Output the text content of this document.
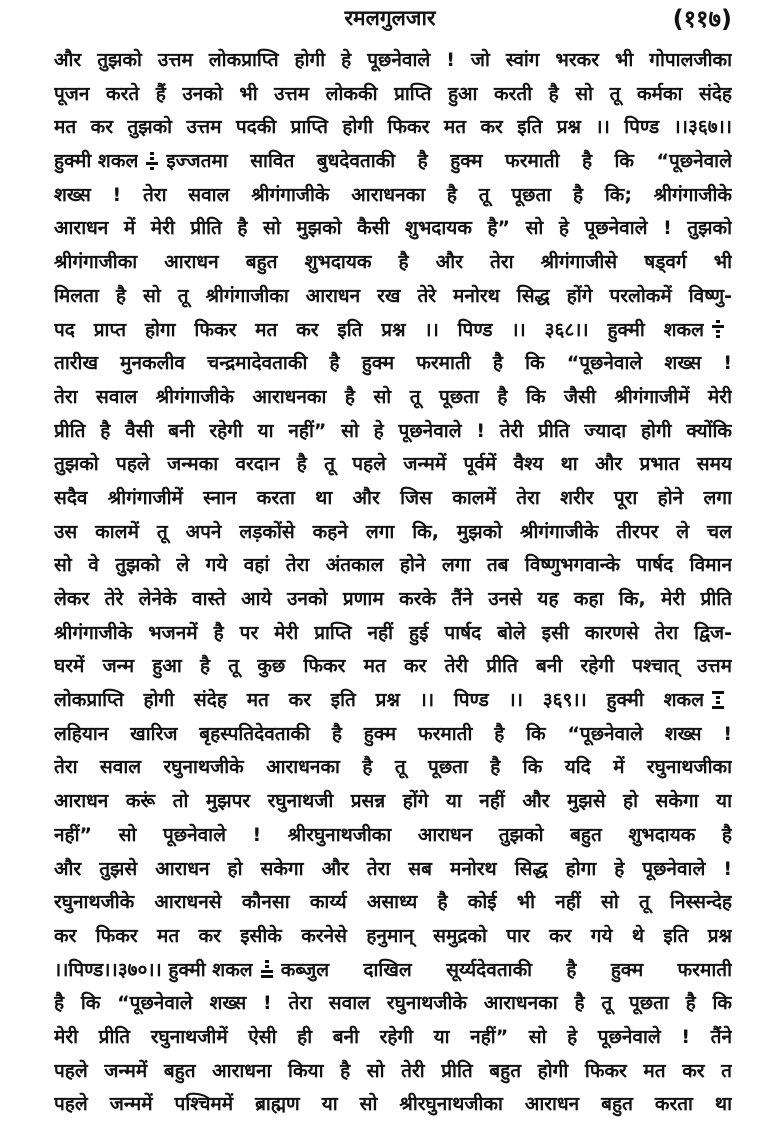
रमलगुलजार	(११७)
और तुझको उत्तम लोकप्राप्ति होगी हे पूछनेवाले ! जो स्वांग भरकर भी गोपालजीका
पूजन करते हैं उनको भी उत्तम लोककी प्राप्ति हुआ करती है सो तू कर्मका संदेह
मत कर तुझको उत्तम पदकी प्राप्ति होगी फिकर मत कर इति प्रश्न ।। पिण्ड ।।३६७।।
हुक्मी शकल इज्जतमा सावित बुधदेवताकी है हुक्म फरमाती है कि “पूछनेवाले
शख्स ! तेरा सवाल श्रीगंगाजीके आराधनका है तू पूछता है कि; श्रीगंगाजीके
आराधन में मेरी प्रीति है सो मुझको कैसी शुभदायक है” सो हे पूछनेवाले ! तुझको
श्रीगंगाजीका आराधन बहुत शुभदायक है और तेरा श्रीगंगाजीसे षड्वर्ग भी
मिलता है सो तू श्रीगंगाजीका आराधन रख तेरे मनोरथ सिद्ध होंगे परलोकमें विष्णु-
पद प्राप्त होगा फिकर मत कर इति प्रश्न ।। पिण्ड ।। ३६८।। हुक्मी शकल
तारीख मुनकलीव चन्द्रमादेवताकी है हुक्म फरमाती है कि “पूछनेवाले शख्स !
तेरा सवाल श्रीगंगाजीके आराधनका है सो तू पूछता है कि जैसी श्रीगंगाजीमें मेरी
प्रीति है वैसी बनी रहेगी या नहीं” सो हे पूछनेवाले ! तेरी प्रीति ज्यादा होगी क्योंकि
तुझको पहले जन्मका वरदान है तू पहले जन्ममें पूर्वमें वैश्य था और प्रभात समय
सदैव श्रीगंगाजीमें स्नान करता था और जिस कालमें तेरा शरीर पूरा होने लगा
उस कालमें तू अपने लड़कोंसे कहने लगा कि, मुझको श्रीगंगाजीके तीरपर ले चल
सो वे तुझको ले गये वहां तेरा अंतकाल होने लगा तब विष्णुभगवान्के पार्षद विमान
लेकर तेरे लेनेके वास्ते आये उनको प्रणाम करके तैंने उनसे यह कहा कि, मेरी प्रीति
श्रीगंगाजीके भजनमें है पर मेरी प्राप्ति नहीं हुई पार्षद बोले इसी कारणसे तेरा द्विज-
घरमें जन्म हुआ है तू कुछ फिकर मत कर तेरी प्रीति बनी रहेगी पश्चात् उत्तम
लोकप्राप्ति होगी संदेह मत कर इति प्रश्न ।। पिण्ड ।। ३६९।। हुक्मी शकल
लहियान खारिज बृहस्पतिदेवताकी है हुक्म फरमाती है कि “पूछनेवाले शख्स !
तेरा सवाल रघुनाथजीके आराधनका है तू पूछता है कि यदि में रघुनाथजीका
आराधन करूं तो मुझपर रघुनाथजी प्रसन्न होंगे या नहीं और मुझसे हो सकेगा या
नहीं” सो पूछनेवाले ! श्रीरघुनाथजीका आराधन तुझको बहुत शुभदायक है
और तुझसे आराधन हो सकेगा और तेरा सब मनोरथ सिद्ध होगा हे पूछनेवाले !
रघुनाथजीके आराधनसे कौनसा कार्य्य असाध्य है कोई भी नहीं सो तू निस्सन्देह
कर फिकर मत कर इसीके करनेसे हनुमान् समुद्रको पार कर गये थे इति प्रश्न
।।पिण्ड।।३७०।। हुक्मी शकल कब्जुल दाखिल सूर्य्यदेवताकी है हुक्म फरमाती
है कि “पूछनेवाले शख्स ! तेरा सवाल रघुनाथजीके आराधनका है तू पूछता है कि
मेरी प्रीति रघुनाथजीमें ऐसी ही बनी रहेगी या नहीं” सो हे पूछनेवाले ! तैंने
पहले जन्ममें बहुत आराधना किया है सो तेरी प्रीति बहुत होगी फिकर मत कर त
पहले जन्ममें पश्चिममें ब्राह्मण या सो श्रीरघुनाथजीका आराधन बहुत करता था
